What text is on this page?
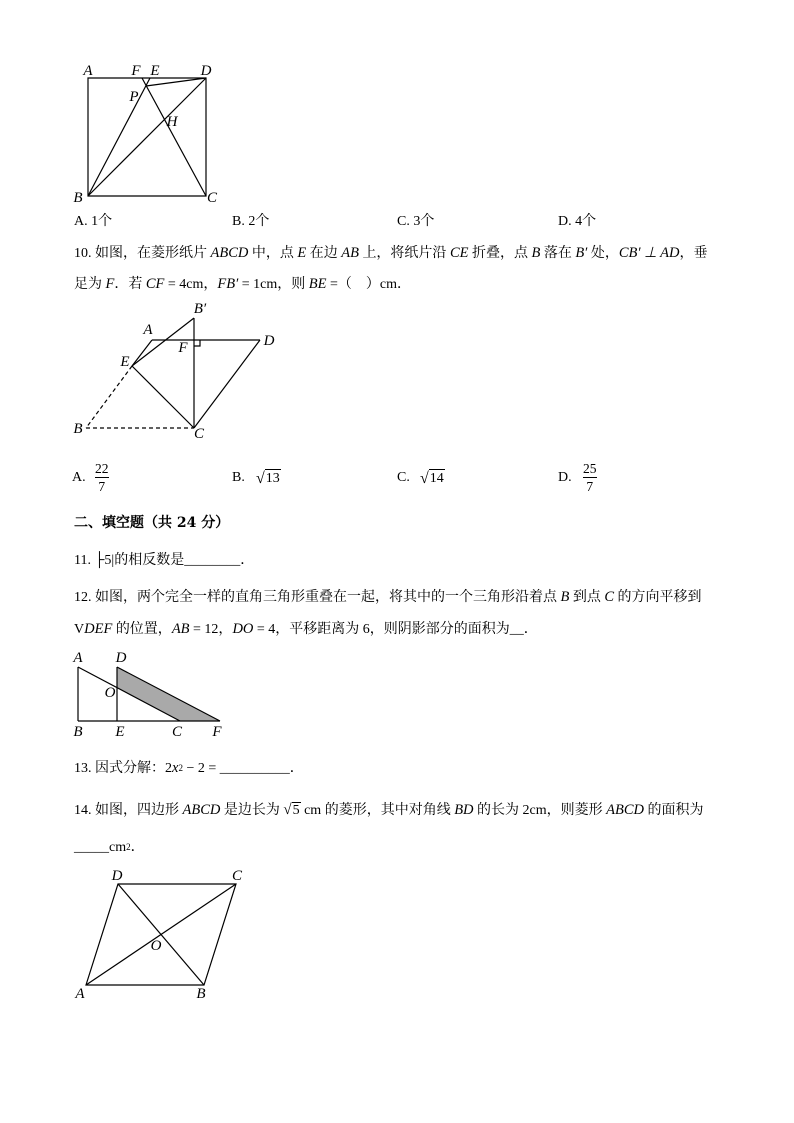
A	F E	D
P
H
B	C
A. 1个	B. 2个	C. 3个	D. 4个
10. 如图，在菱形纸片 ABCD 中，点 E 在边 AB 上，将纸片沿 CE 折叠，点 B 落在 B′ 处， CB′ ⊥ AD ，垂
足为 F ．若 CF = 4cm， FB′ = 1cm，则 BE =（　）cm．
A
B′
D
F
E
B	C
A.
22
7
B. √ 13	C. √ 14	D.
25
7
二、填空题（共 24 分）
11. ├5| 的相反数是________．
12. 如图，两个完全一样的直角三角形重叠在一起，将其中的一个三角形沿着点 B 到点 C 的方向平移到
V DEF 的位置， AB = 12， DO = 4，平移距离为 6，则阴影部分的面积为__．
A D
O
B E	C F
13. 因式分解： 2 $x^2 - 2$ = __________．
14. 如图，四边形 ABCD 是边长为 √ 5 cm 的菱形，其中对角线 BD 的长为 2cm，则菱形 ABCD 的面积为
_____ $cm^2$ ．
D	C
O
A	B
